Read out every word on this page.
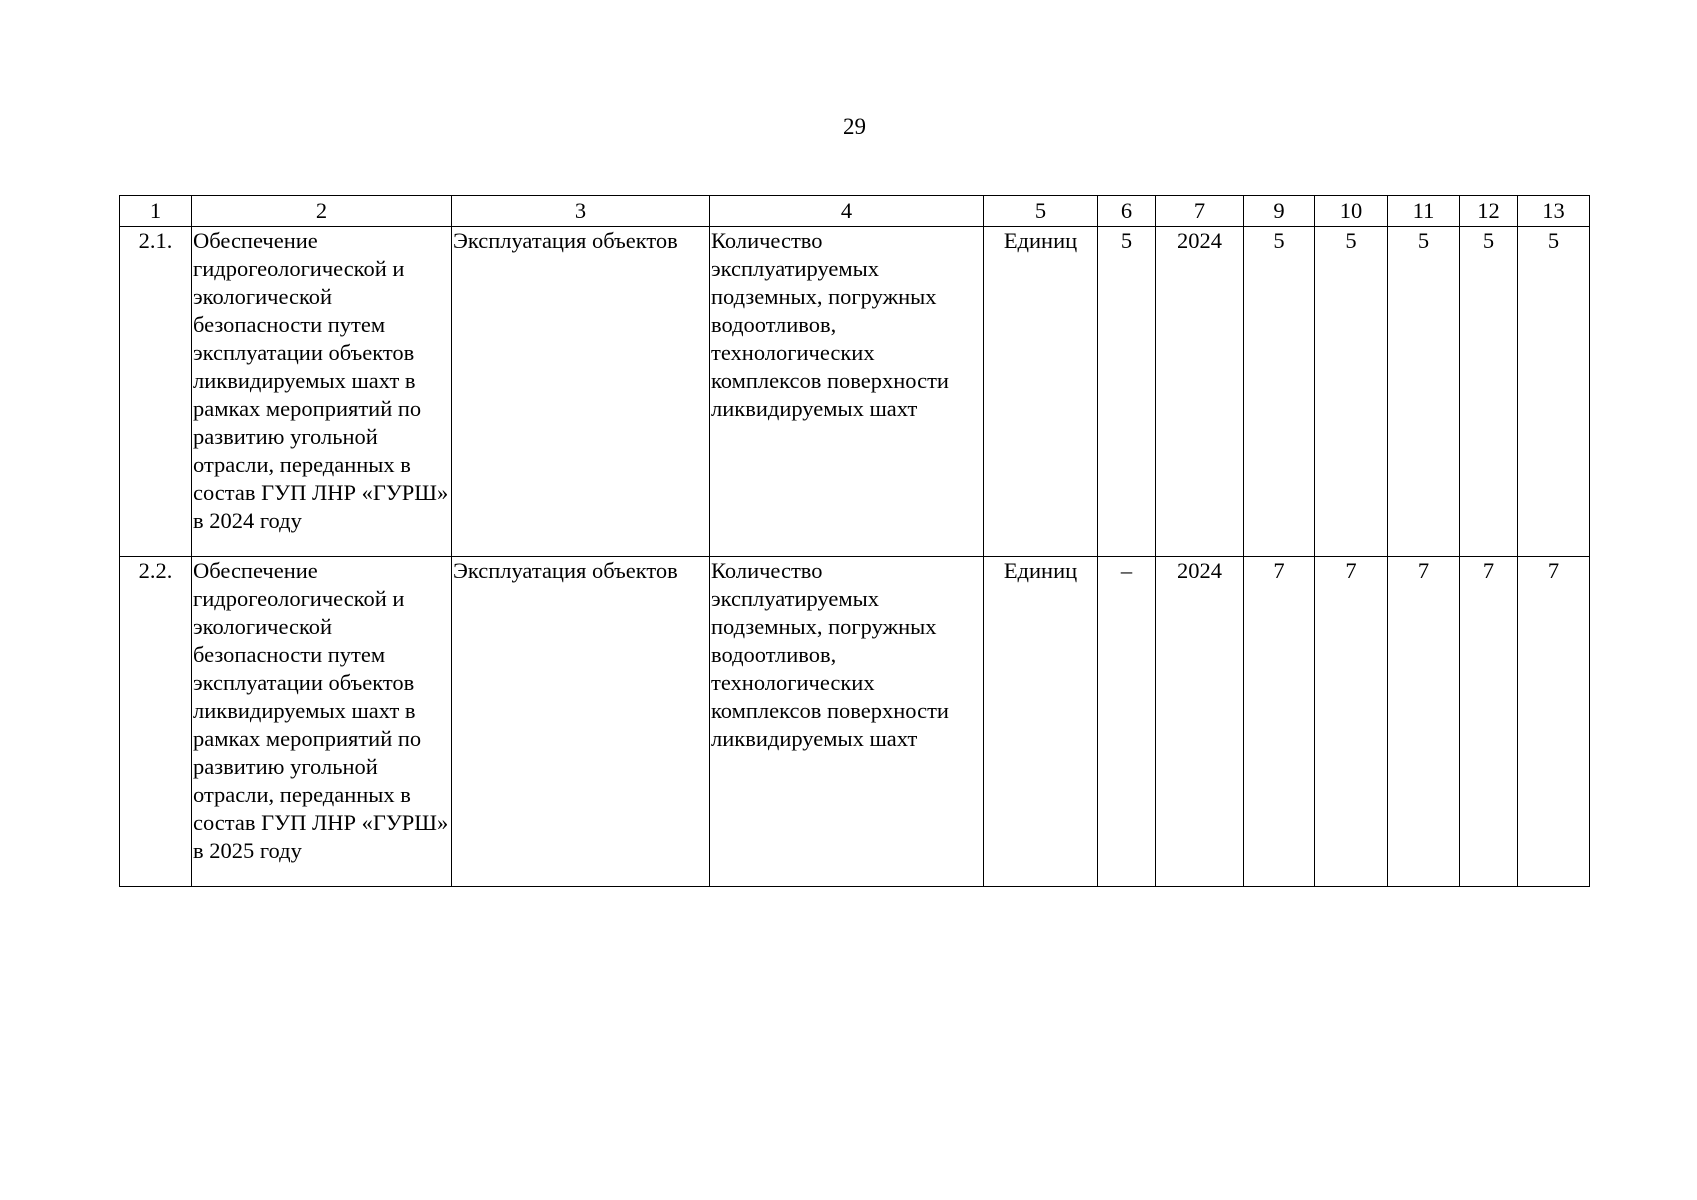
29
1	2	3	4	5	6	7	9	10	11	12	13
2.1.	Обеспечение гидрогеологической и экологической безопасности путем эксплуатации объектов ликвидируемых шахт в рамках мероприятий по развитию угольной отрасли, переданных в состав ГУП ЛНР «ГУРШ» в 2024 году	Эксплуатация объектов	Количество эксплуатируемых подземных, погружных водоотливов, технологических комплексов поверхности ликвидируемых шахт	Единиц	5	2024	5	5	5	5	5
2.2.	Обеспечение гидрогеологической и экологической безопасности путем эксплуатации объектов ликвидируемых шахт в рамках мероприятий по развитию угольной отрасли, переданных в состав ГУП ЛНР «ГУРШ» в 2025 году	Эксплуатация объектов	Количество эксплуатируемых подземных, погружных водоотливов, технологических комплексов поверхности ликвидируемых шахт	Единиц	–	2024	7	7	7	7	7
